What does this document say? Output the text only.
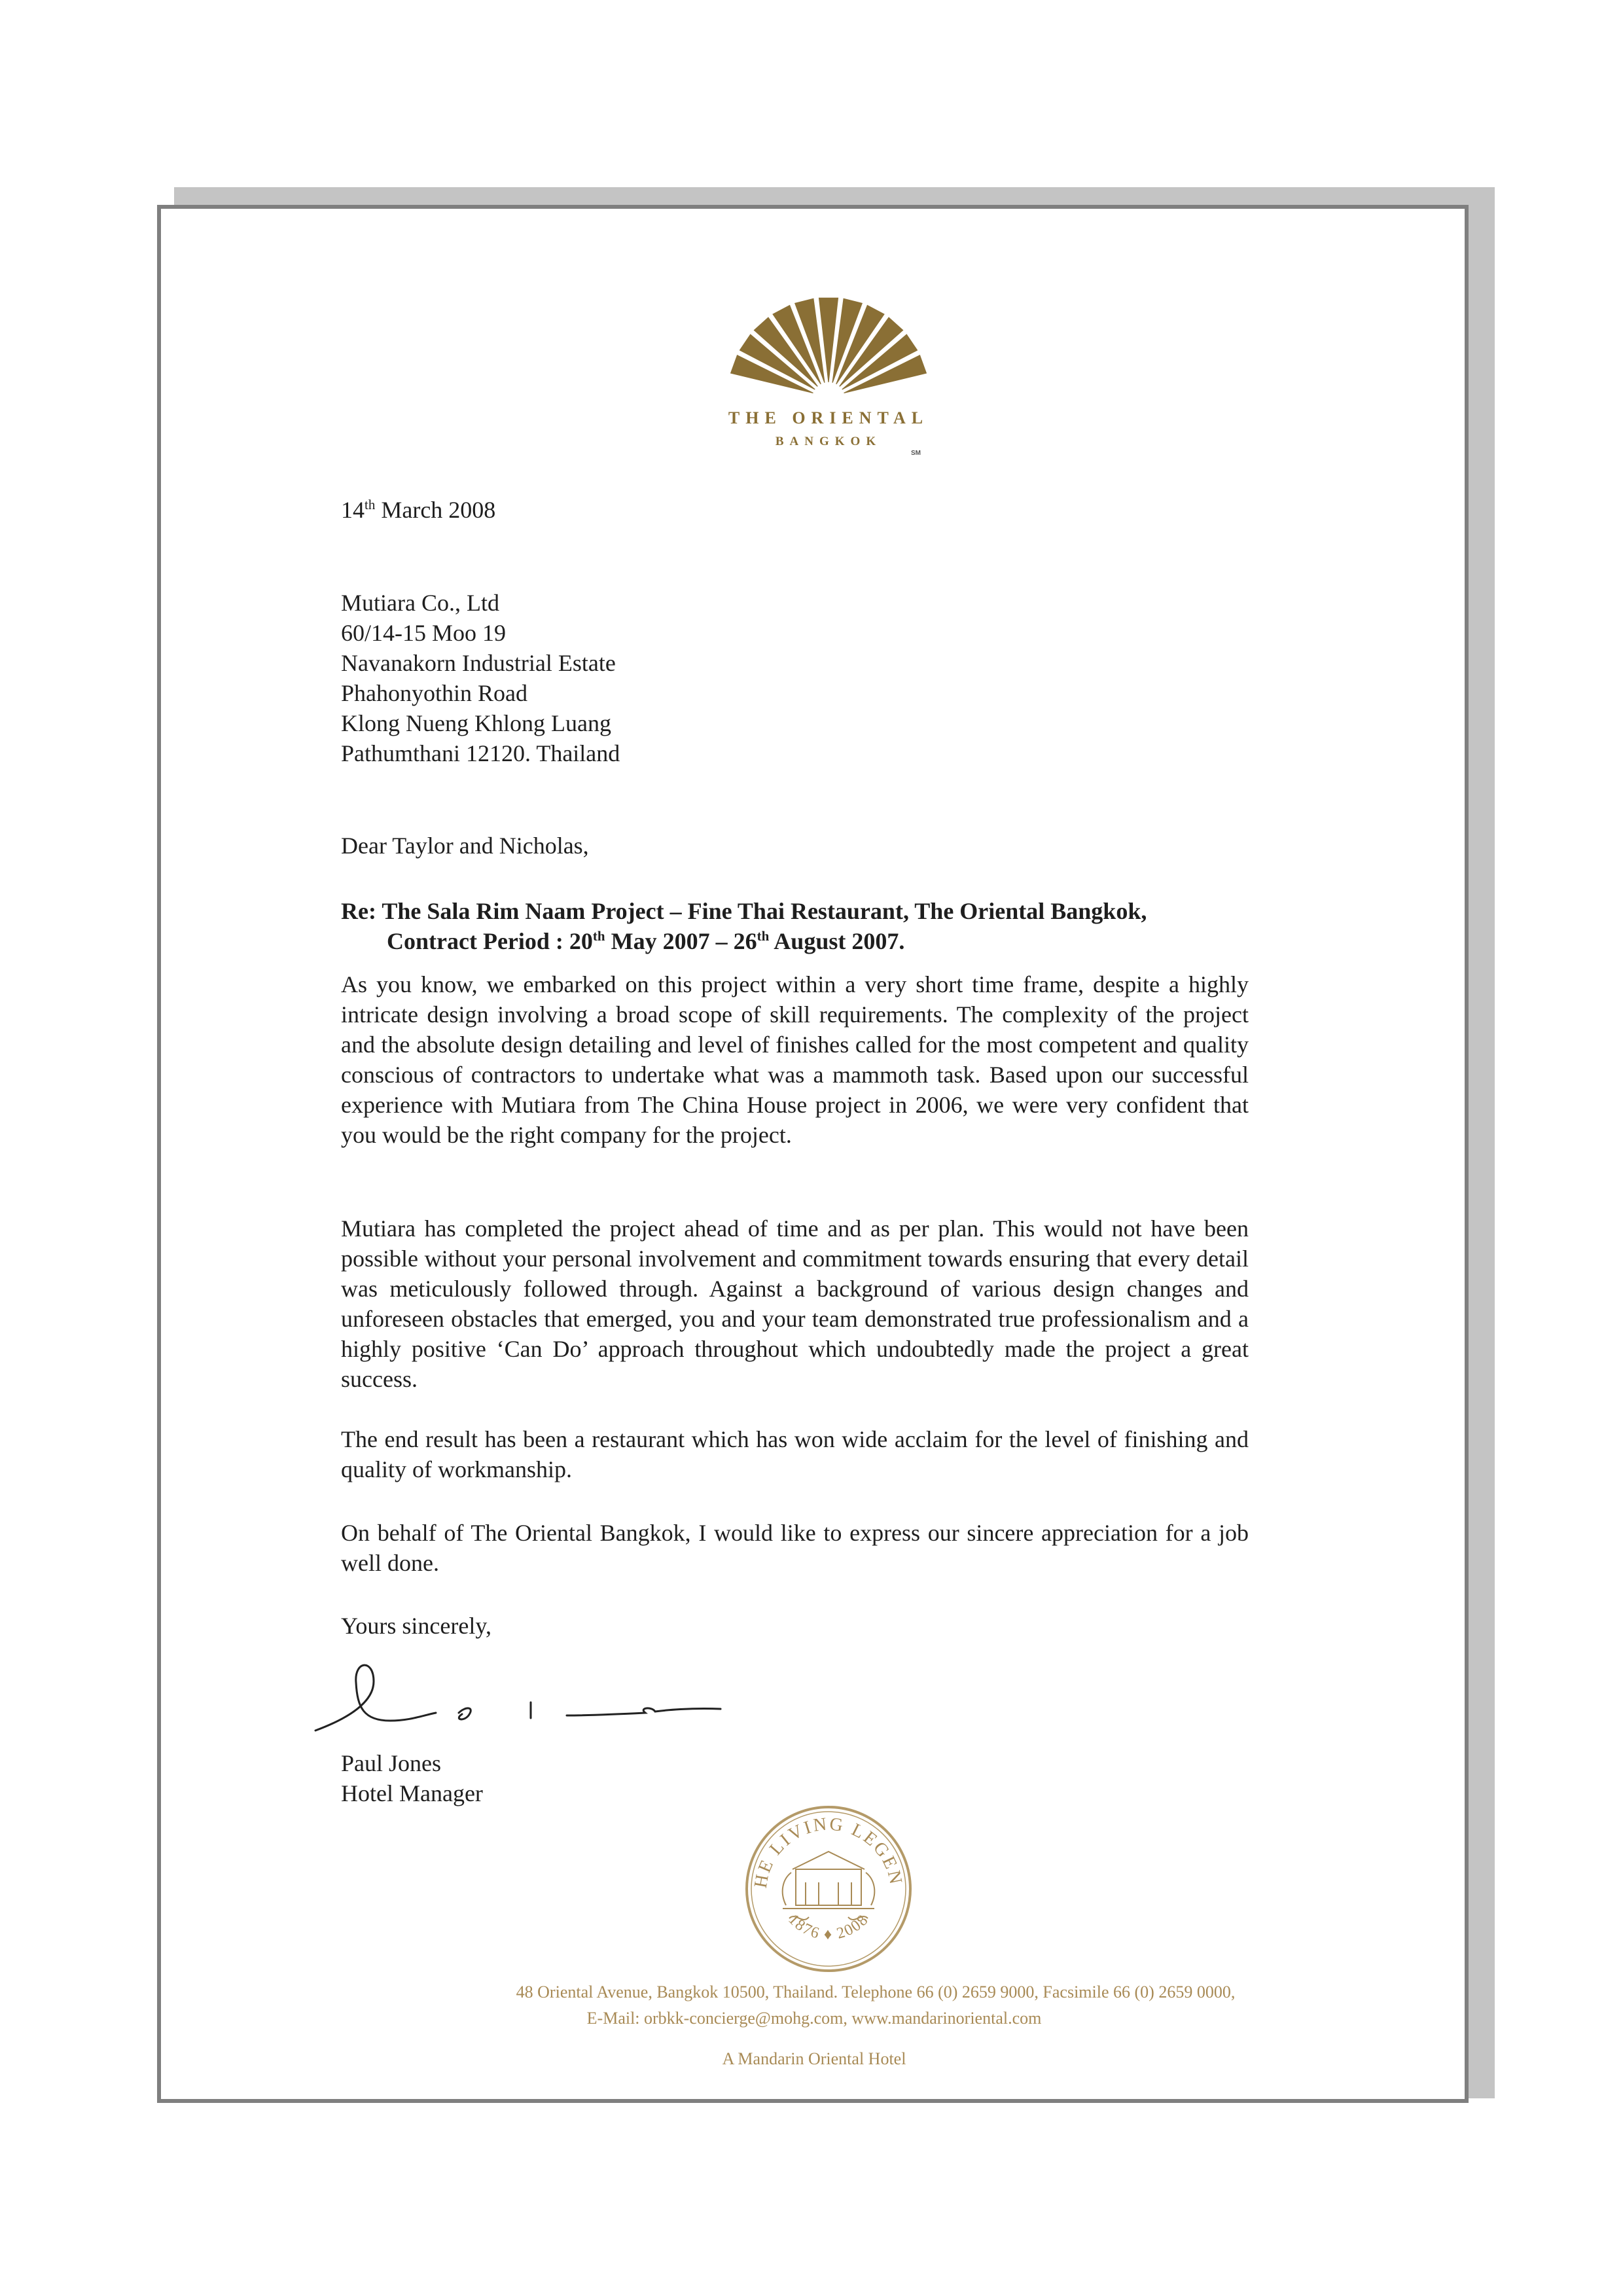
THE ORIENTAL
BANGKOK
SM
14th March 2008
Mutiara Co., Ltd
60/14-15 Moo 19
Navanakorn Industrial Estate
Phahonyothin Road
Klong Nueng Khlong Luang
Pathumthani 12120. Thailand
Dear Taylor and Nicholas,
Re: The Sala Rim Naam Project – Fine Thai Restaurant, The Oriental Bangkok,
Contract Period : 20th May 2007 – 26th August 2007.
As you know, we embarked on this project within a very short time frame, despite a highly intricate design involving a broad scope of skill requirements. The complexity of the project and the absolute design detailing and level of finishes called for the most competent and quality conscious of contractors to undertake what was a mammoth task. Based upon our successful experience with Mutiara from The China House project in 2006, we were very confident that you would be the right company for the project.
Mutiara has completed the project ahead of time and as per plan. This would not have been possible without your personal involvement and commitment towards ensuring that every detail was meticulously followed through. Against a background of various design changes and unforeseen obstacles that emerged, you and your team demonstrated true professionalism and a highly positive ‘Can Do’ approach throughout which undoubtedly made the project a great success.
The end result has been a restaurant which has won wide acclaim for the level of finishing and quality of workmanship.
On behalf of The Oriental Bangkok, I would like to express our sincere appreciation for a job well done.
Yours sincerely,
Paul Jones
Hotel Manager
HE LIVING LEGEN
1876 ♦ 2008
48 Oriental Avenue, Bangkok 10500, Thailand. Telephone 66 (0) 2659 9000, Facsimile 66 (0) 2659 0000,
E-Mail: orbkk-concierge@mohg.com, www.mandarinoriental.com
A Mandarin Oriental Hotel
